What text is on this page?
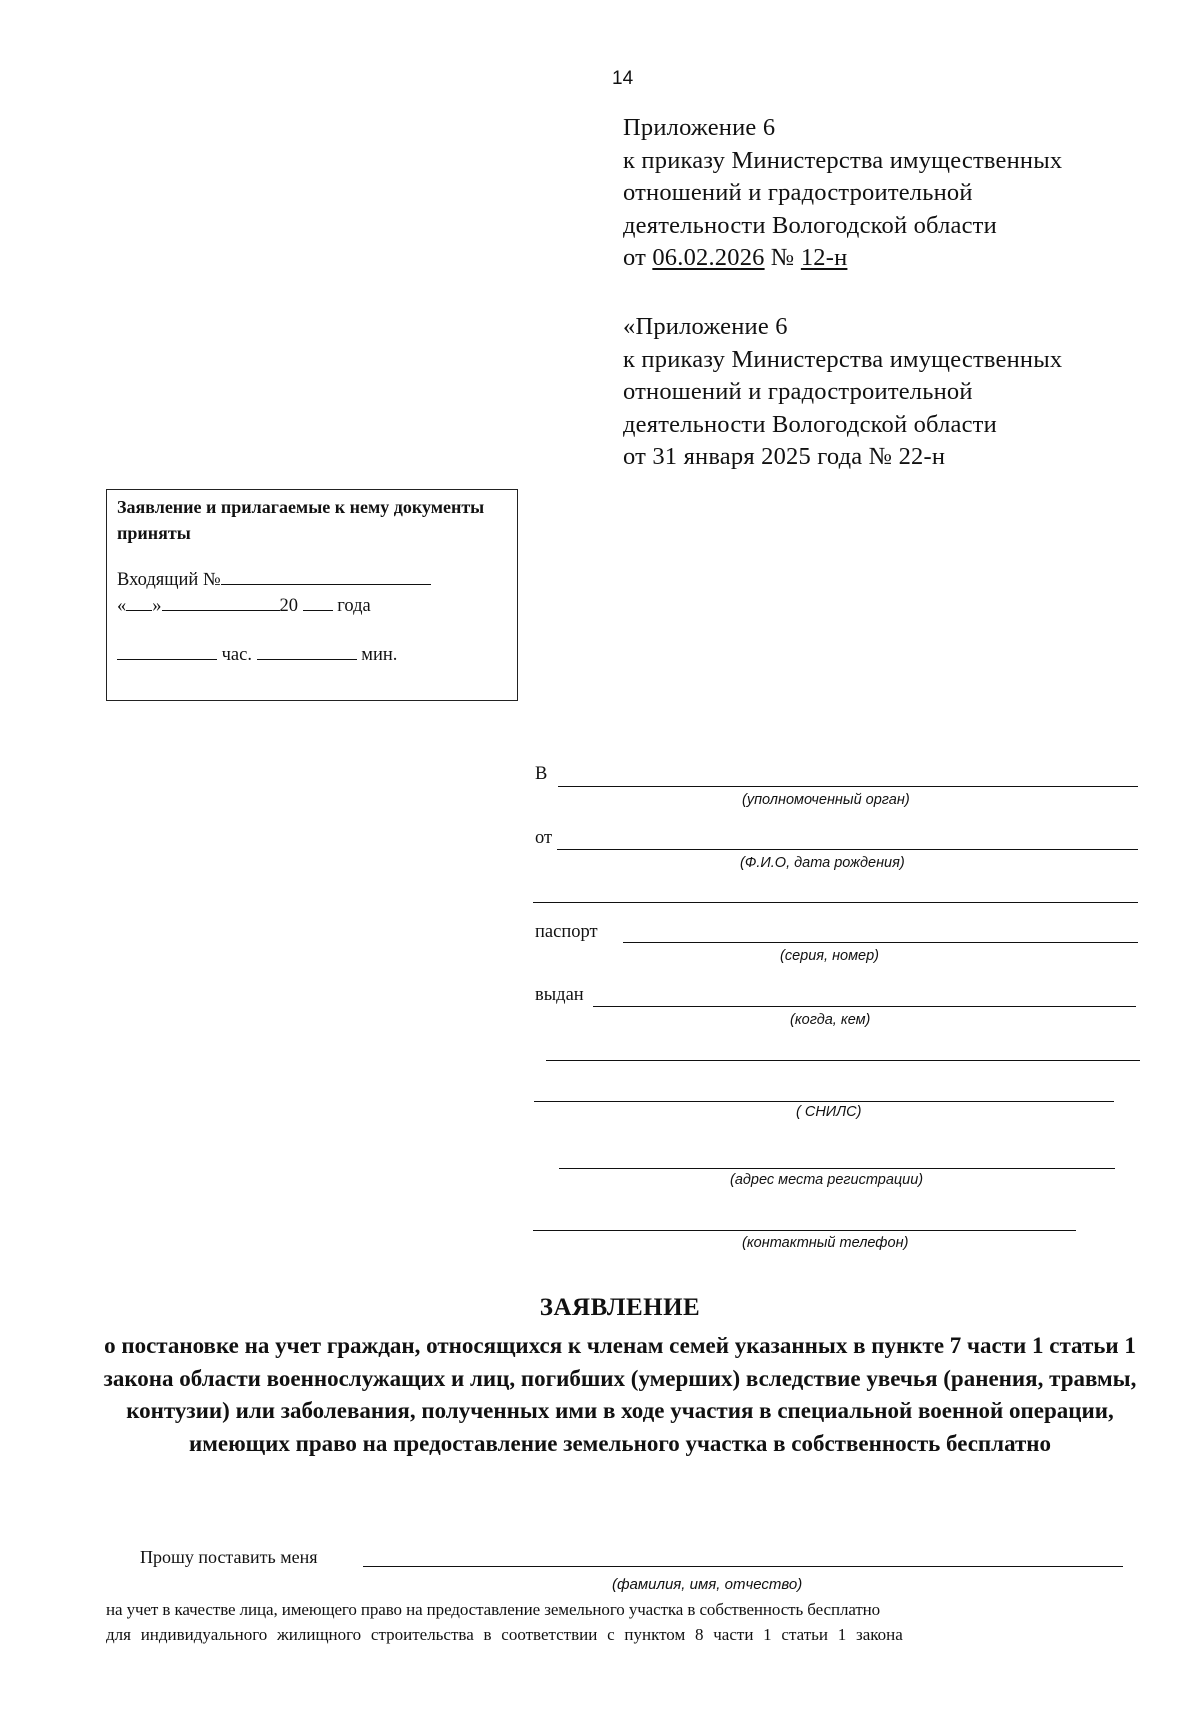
14
Приложение 6
к приказу Министерства имущественных
отношений и градостроительной
деятельности Вологодской области
от 06.02.2026 № 12-н
«Приложение 6
к приказу Министерства имущественных
отношений и градостроительной
деятельности Вологодской области
от 31 января 2025 года № 22-н
Заявление и прилагаемые к нему документы приняты
Входящий №
« »	20 года
час.	мин.
В
(уполномоченный орган)
от
(Ф.И.О, дата рождения)
паспорт
(серия, номер)
выдан
(когда, кем)
( СНИЛС)
(адрес места регистрации)
(контактный телефон)
ЗАЯВЛЕНИЕ
о постановке на учет граждан, относящихся к членам семей указанных в пункте 7 части 1 статьи 1 закона области военнослужащих и лиц, погибших (умерших) вследствие увечья (ранения, травмы, контузии) или заболевания, полученных ими в ходе участия в специальной военной операции, имеющих право на предоставление земельного участка в собственность бесплатно
Прошу поставить меня
(фамилия, имя, отчество)
на учет в качестве лица, имеющего право на предоставление земельного участка в собственность бесплатно
для индивидуального жилищного строительства в соответствии с пунктом 8 части 1 статьи 1 закона
